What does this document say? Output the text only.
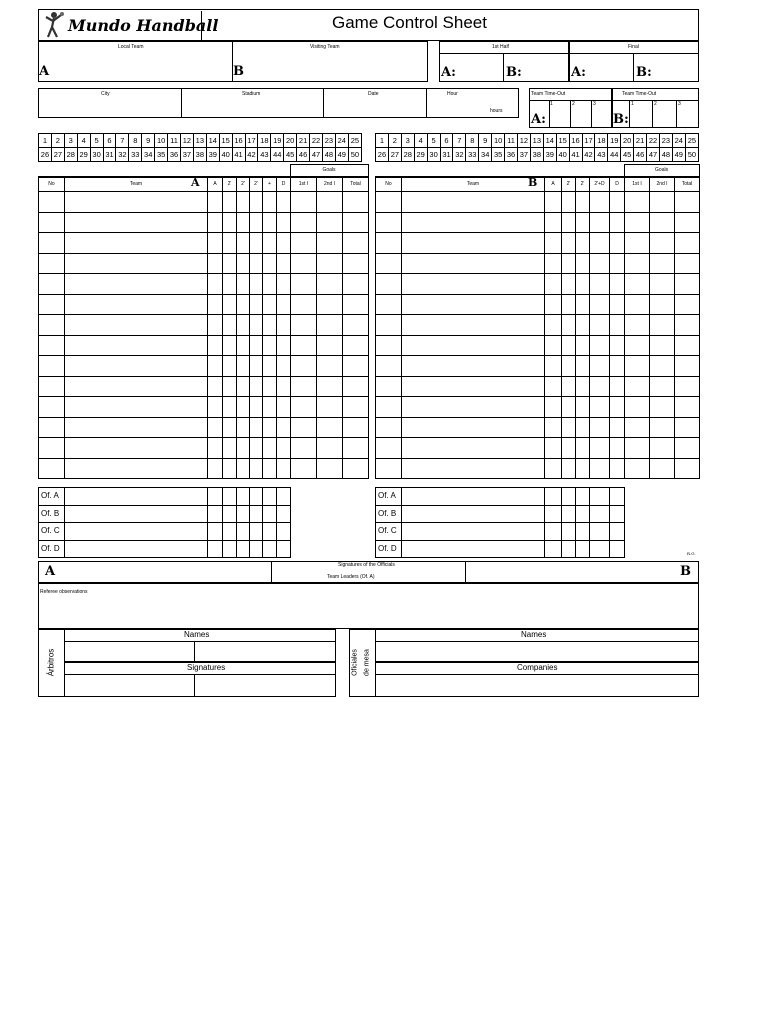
Mundo Handball	Game Control Sheet
Local Team	Visiting Team
A	B
1st Half	Final
A:	B:	A:	B:
City	Stadium	Date	Hour
hours
Team Time-Out	Team Time-Out
1	2	3	1	2	3
A:	B:
1	2	3	4	5	6	7	8	9	10	11	12	13	14	15	16	17	18	19	20	21	22	23	24	25
26	27	28	29	30	31	32	33	34	35	36	37	38	39	40	41	42	43	44	45	46	47	48	49	50
1	2	3	4	5	6	7	8	9	10	11	12	13	14	15	16	17	18	19	20	21	22	23	24	25
26	27	28	29	30	31	32	33	34	35	36	37	38	39	40	41	42	43	44	45	46	47	48	49	50
	Goals
No	Team	A	2'	2'	2'	+	D	1st I	2nd I	Total

A
Of. A							
Of. B							
Of. C							
Of. D							
	Goals
No	Team	A	2'	2'	2'+D	D	1st I	2nd I	Total

B
Of. A						
Of. B						
Of. C						
Of. D						
R.G.
A	B
Signatures of the Officials
Team Leaders (Of. A)
Referee observations
Árbitros
Names
Signatures	Oficiales de mesa
Names
Companies
